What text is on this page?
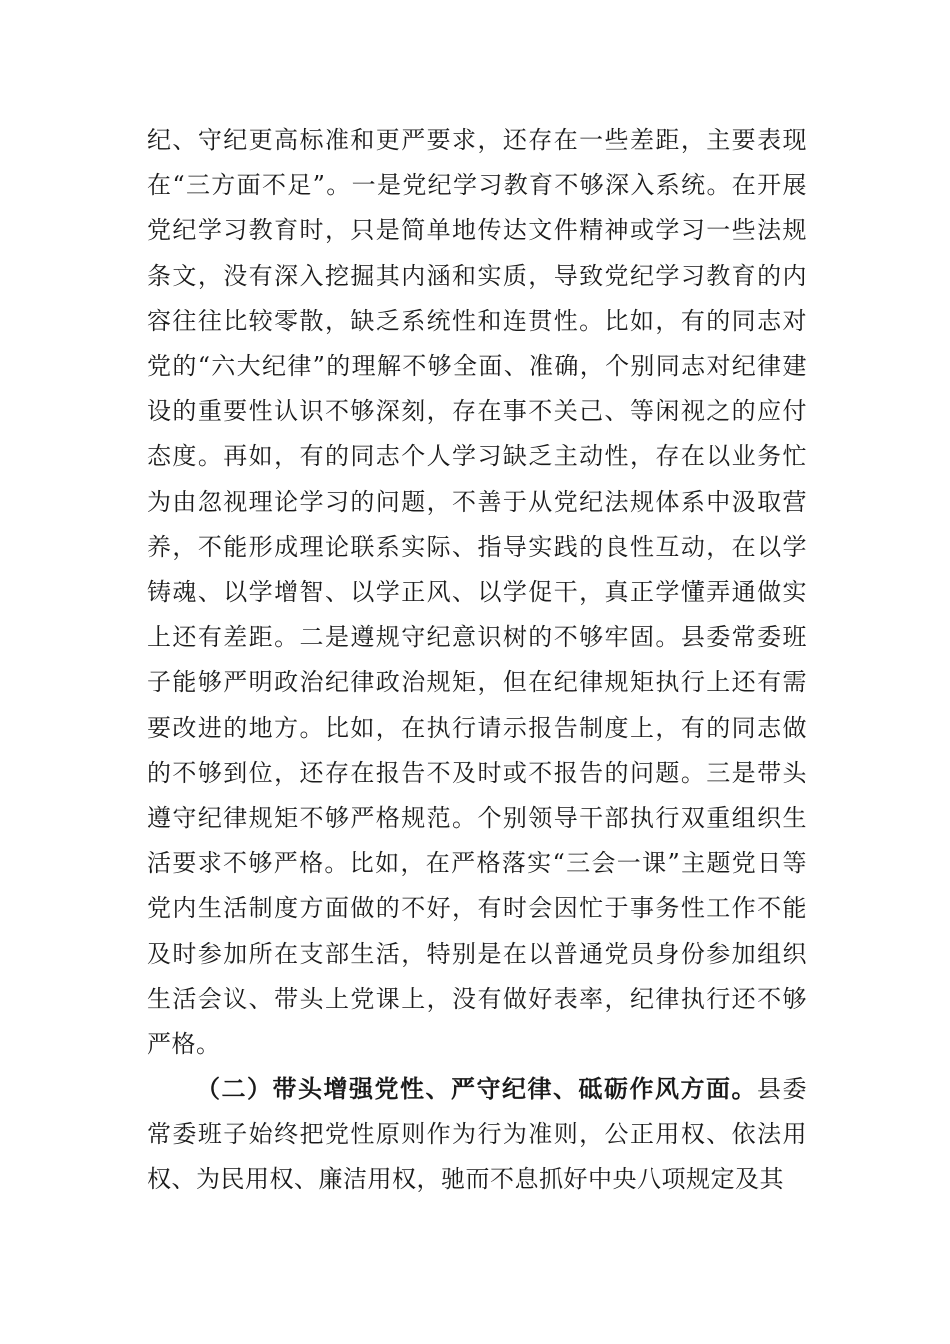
纪、守纪更高标准和更严要求，还存在一些差距，主要表现在“三方面不足”。一是党纪学习教育不够深入系统。在开展党纪学习教育时，只是简单地传达文件精神或学习一些法规条文，没有深入挖掘其内涵和实质，导致党纪学习教育的内容往往比较零散，缺乏系统性和连贯性。比如，有的同志对党的“六大纪律”的理解不够全面、准确，个别同志对纪律建设的重要性认识不够深刻，存在事不关己、等闲视之的应付态度。再如，有的同志个人学习缺乏主动性，存在以业务忙为由忽视理论学习的问题，不善于从党纪法规体系中汲取营养，不能形成理论联系实际、指导实践的良性互动，在以学铸魂、以学增智、以学正风、以学促干，真正学懂弄通做实上还有差距。二是遵规守纪意识树的不够牢固。县委常委班子能够严明政治纪律政治规矩，但在纪律规矩执行上还有需要改进的地方。比如，在执行请示报告制度上，有的同志做的不够到位，还存在报告不及时或不报告的问题。三是带头遵守纪律规矩不够严格规范。个别领导干部执行双重组织生活要求不够严格。比如，在严格落实“三会一课”主题党日等党内生活制度方面做的不好，有时会因忙于事务性工作不能及时参加所在支部生活，特别是在以普通党员身份参加组织生活会议、带头上党课上，没有做好表率，纪律执行还不够严格。

（二）带头增强党性、严守纪律、砥砺作风方面。县委常委班子始终把党性原则作为行为准则，公正用权、依法用权、为民用权、廉洁用权，驰而不息抓好中央八项规定及其
